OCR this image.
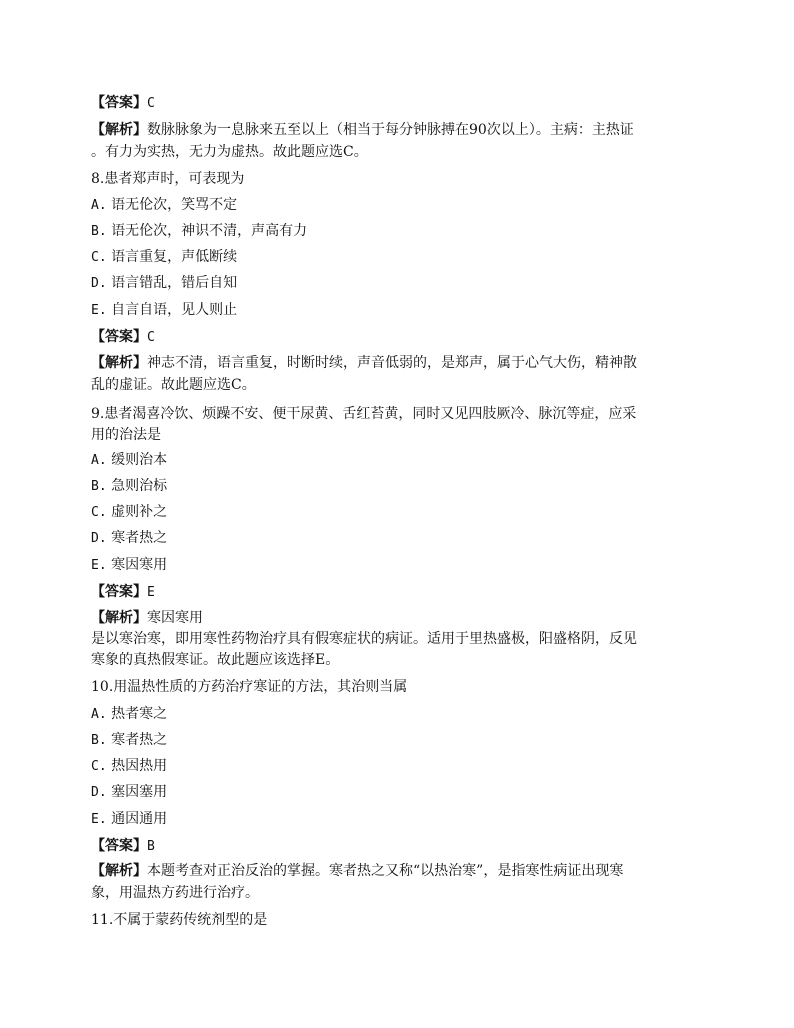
【答案】C
【解析】数脉脉象为一息脉来五至以上（相当于每分钟脉搏在90次以上）。主病：主热证
。有力为实热，无力为虚热。故此题应选C。
8.患者郑声时，可表现为
A. 语无伦次，笑骂不定
B. 语无伦次，神识不清，声高有力
C. 语言重复，声低断续
D. 语言错乱，错后自知
E. 自言自语，见人则止
【答案】C
【解析】神志不清，语言重复，时断时续，声音低弱的，是郑声，属于心气大伤，精神散
乱的虚证。故此题应选C。
9.患者渴喜冷饮、烦躁不安、便干尿黄、舌红苔黄，同时又见四肢厥冷、脉沉等症，应采
用的治法是
A. 缓则治本
B. 急则治标
C. 虚则补之
D. 寒者热之
E. 寒因寒用
【答案】E
【解析】寒因寒用
是以寒治寒，即用寒性药物治疗具有假寒症状的病证。适用于里热盛极，阳盛格阴，反见
寒象的真热假寒证。故此题应该选择E。
10.用温热性质的方药治疗寒证的方法，其治则当属
A. 热者寒之
B. 寒者热之
C. 热因热用
D. 塞因塞用
E. 通因通用
【答案】B
【解析】本题考查对正治反治的掌握。寒者热之又称“以热治寒”，是指寒性病证出现寒
象，用温热方药进行治疗。
11.不属于蒙药传统剂型的是
